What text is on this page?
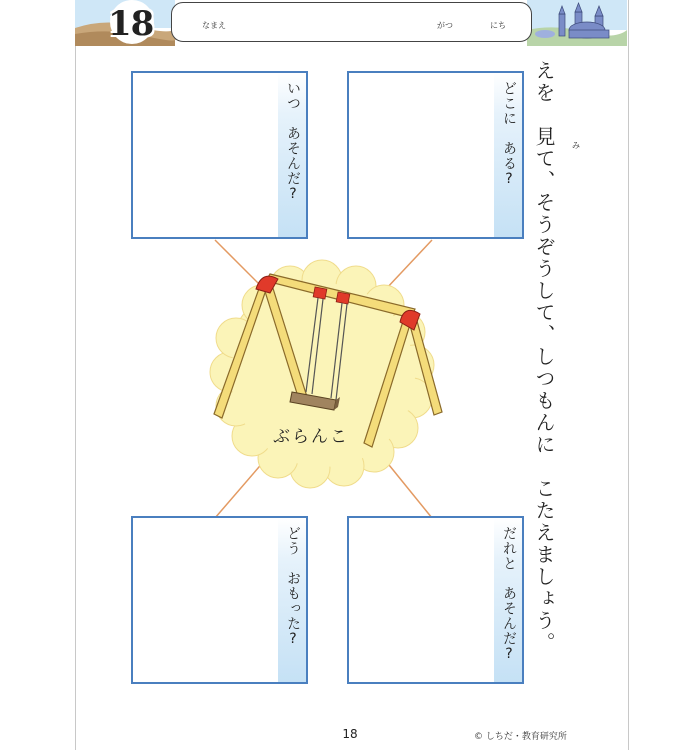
18	なまえ	がつ	にち
み
えを　見て、そうぞうして、しつもんに　こたえましょう。
ぶらんこ
いつ　あそんだ?	どこに　ある?
どう　おもった?	だれと　あそんだ?
18	© しちだ・教育研究所
